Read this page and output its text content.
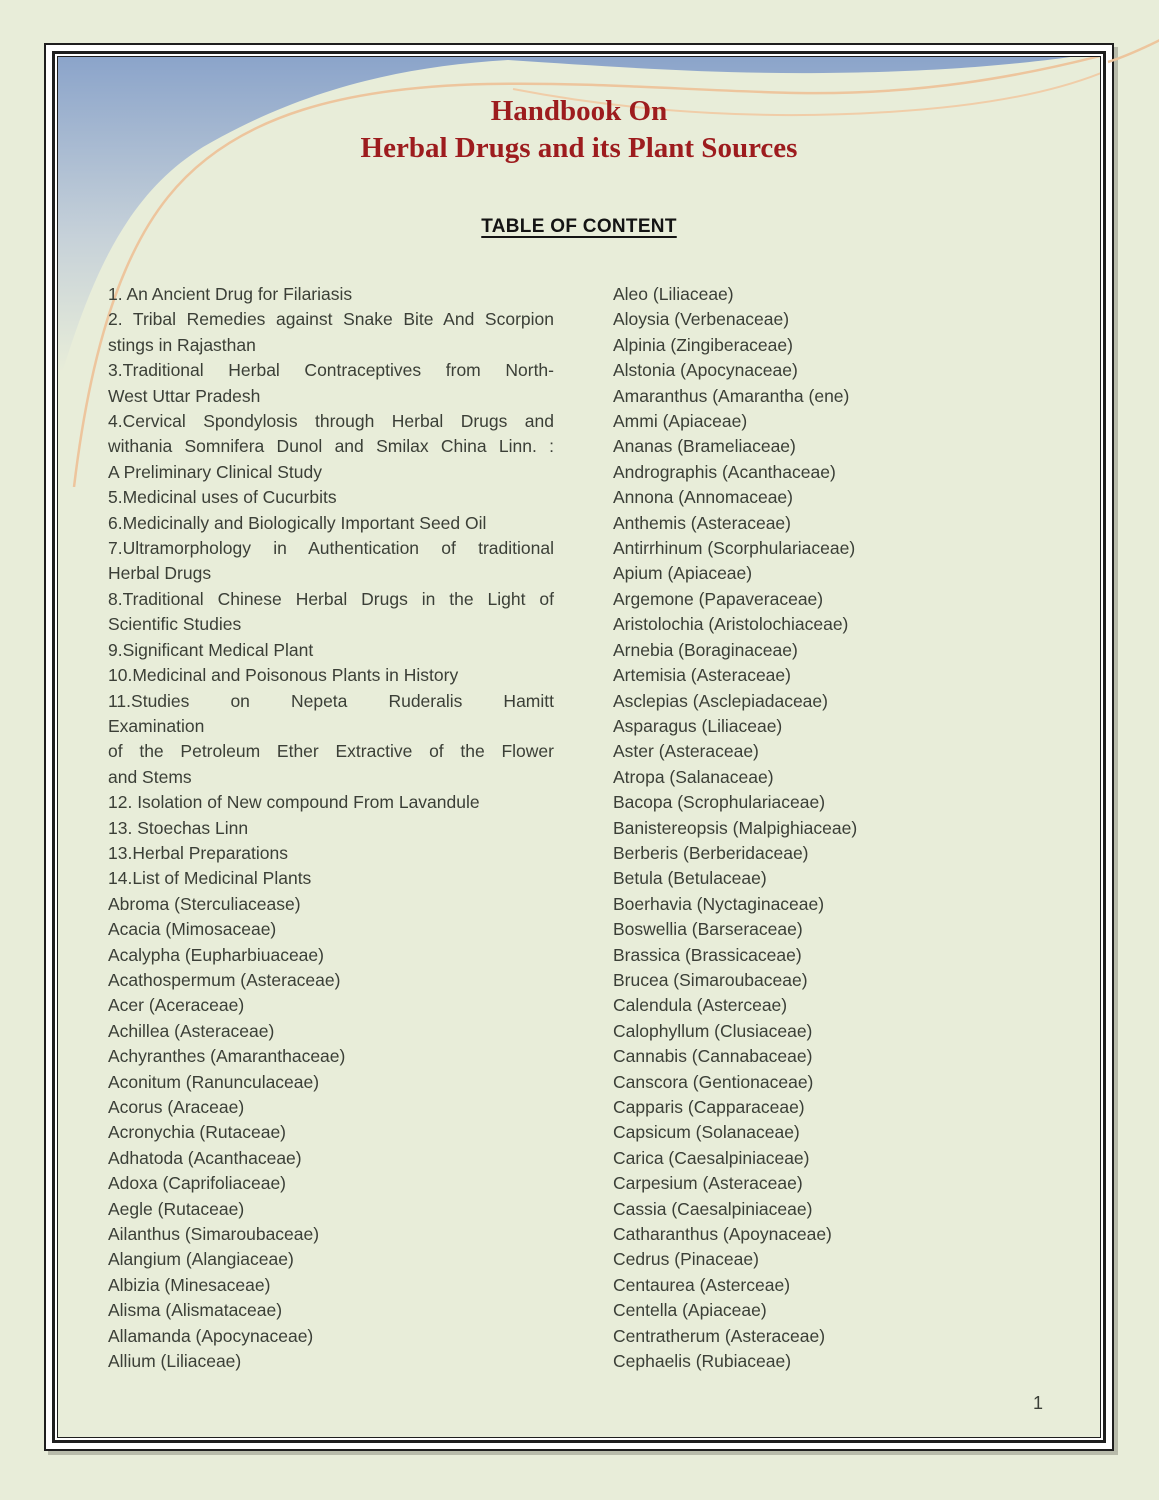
Handbook On
Herbal Drugs and its Plant Sources
TABLE OF CONTENT
1. An Ancient Drug for Filariasis
2. Tribal Remedies against Snake Bite And Scorpion
stings in Rajasthan
3.Traditional Herbal Contraceptives from North-
West Uttar Pradesh
4.Cervical Spondylosis through Herbal Drugs and
withania Somnifera Dunol and Smilax China Linn. :
A Preliminary Clinical Study
5.Medicinal uses of Cucurbits
6.Medicinally and Biologically Important Seed Oil
7.Ultramorphology in Authentication of traditional
Herbal Drugs
8.Traditional Chinese Herbal Drugs in the Light of
Scientific Studies
9.Significant Medical Plant
10.Medicinal and Poisonous Plants in History
11.Studies on Nepeta Ruderalis Hamitt
Examination
of the Petroleum Ether Extractive of the Flower
and Stems
12. Isolation of New compound From Lavandule
13. Stoechas Linn
13.Herbal Preparations
14.List of Medicinal Plants
Abroma (Sterculiacease)
Acacia (Mimosaceae)
Acalypha (Eupharbiuaceae)
Acathospermum (Asteraceae)
Acer (Aceraceae)
Achillea (Asteraceae)
Achyranthes (Amaranthaceae)
Aconitum (Ranunculaceae)
Acorus (Araceae)
Acronychia (Rutaceae)
Adhatoda (Acanthaceae)
Adoxa (Caprifoliaceae)
Aegle (Rutaceae)
Ailanthus (Simaroubaceae)
Alangium (Alangiaceae)
Albizia (Minesaceae)
Alisma (Alismataceae)
Allamanda (Apocynaceae)
Allium (Liliaceae)
Aleo (Liliaceae)
Aloysia (Verbenaceae)
Alpinia (Zingiberaceae)
Alstonia (Apocynaceae)
Amaranthus (Amarantha (ene)
Ammi (Apiaceae)
Ananas (Brameliaceae)
Andrographis (Acanthaceae)
Annona (Annomaceae)
Anthemis (Asteraceae)
Antirrhinum (Scorphulariaceae)
Apium (Apiaceae)
Argemone (Papaveraceae)
Aristolochia (Aristolochiaceae)
Arnebia (Boraginaceae)
Artemisia (Asteraceae)
Asclepias (Asclepiadaceae)
Asparagus (Liliaceae)
Aster (Asteraceae)
Atropa (Salanaceae)
Bacopa (Scrophulariaceae)
Banistereopsis (Malpighiaceae)
Berberis (Berberidaceae)
Betula (Betulaceae)
Boerhavia (Nyctaginaceae)
Boswellia (Barseraceae)
Brassica (Brassicaceae)
Brucea (Simaroubaceae)
Calendula (Asterceae)
Calophyllum (Clusiaceae)
Cannabis (Cannabaceae)
Canscora (Gentionaceae)
Capparis (Capparaceae)
Capsicum (Solanaceae)
Carica (Caesalpiniaceae)
Carpesium (Asteraceae)
Cassia (Caesalpiniaceae)
Catharanthus (Apoynaceae)
Cedrus (Pinaceae)
Centaurea (Asterceae)
Centella (Apiaceae)
Centratherum (Asteraceae)
Cephaelis (Rubiaceae)
1
